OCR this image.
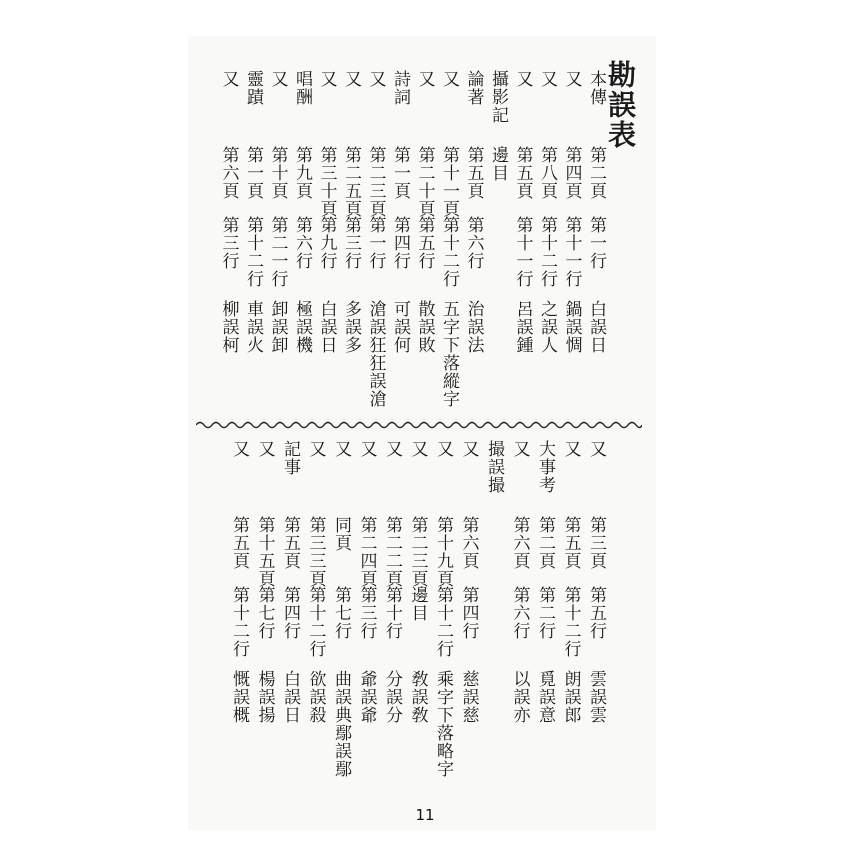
勘誤表
本傳
第二頁
第一行
白誤日
又
第四頁
第十一行
鍋誤惆
又
第八頁
第十二行
之誤人
又
第五頁
第十一行
呂誤鍾
攝影記
邊目
論著
第五頁
第六行
治誤法
又
第十一頁
第十二行
五字下落縱字
又
第二十頁
第五行
散誤敗
詩詞
第一頁
第四行
可誤何
又
第二三頁
第一行
滄誤狂狂誤滄
又
第二五頁
第三行
多誤多
又
第三十頁
第九行
白誤日
唱酬
第九頁
第六行
極誤機
又
第十頁
第二一行
卸誤卸
靈蹟
第一頁
第十二行
車誤火
又
第六頁
第三行
柳誤柯
又
第三頁
第五行
雲誤雲
又
第五頁
第十二行
朗誤郎
大事考
第二頁
第二行
覓誤意
又
第六頁
第六行
以誤亦
撮誤撮
又
第六頁
第四行
慈誤慈
又
第十九頁
第十二行
乘字下落略字
又
第二三頁
邊目
敎誤敎
又
第二二頁
第十行
分誤分
又
第二四頁
第三行
爺誤爺
又
同頁
第七行
曲誤典鄢誤鄢
又
第三三頁
第十二行
欲誤殺
記事
第五頁
第四行
白誤日
又
第十五頁
第七行
楊誤揚
又
第五頁
第十二行
慨誤概
11
